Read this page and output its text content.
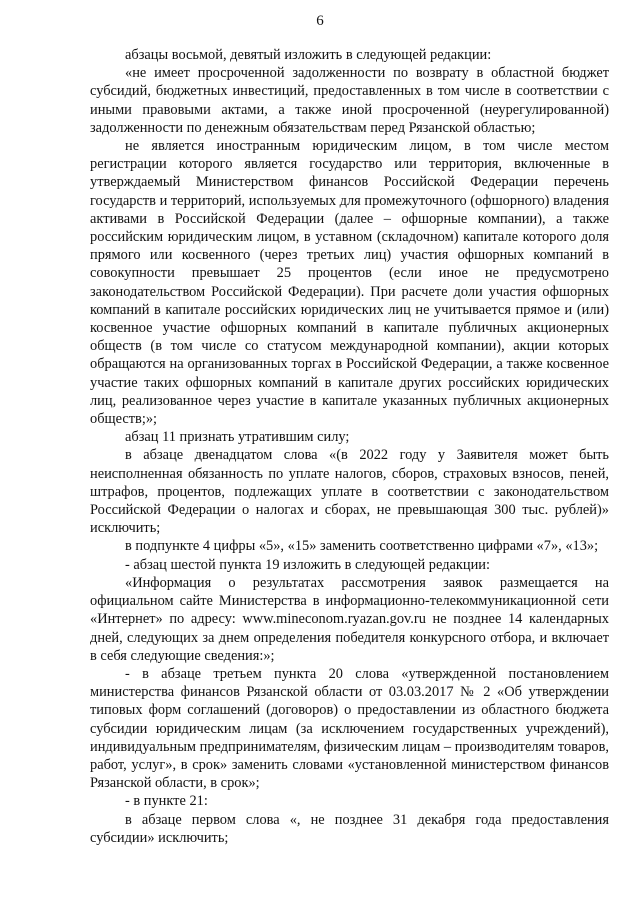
6

абзацы восьмой, девятый изложить в следующей редакции:

«не имеет просроченной задолженности по возврату в областной бюджет субсидий, бюджетных инвестиций, предоставленных в том числе в соответствии с иными правовыми актами, а также иной просроченной (неурегулированной) задолженности по денежным обязательствам перед Рязанской областью;

не является иностранным юридическим лицом, в том числе местом регистрации которого является государство или территория, включенные в утверждаемый Министерством финансов Российской Федерации перечень государств и территорий, используемых для промежуточного (офшорного) владения активами в Российской Федерации (далее – офшорные компании), а также российским юридическим лицом, в уставном (складочном) капитале которого доля прямого или косвенного (через третьих лиц) участия офшорных компаний в совокупности превышает 25 процентов (если иное не предусмотрено законодательством Российской Федерации). При расчете доли участия офшорных компаний в капитале российских юридических лиц не учитывается прямое и (или) косвенное участие офшорных компаний в капитале публичных акционерных обществ (в том числе со статусом международной компании), акции которых обращаются на организованных торгах в Российской Федерации, а также косвенное участие таких офшорных компаний в капитале других российских юридических лиц, реализованное через участие в капитале указанных публичных акционерных обществ;»;

абзац 11 признать утратившим силу;

в абзаце двенадцатом слова «(в 2022 году у Заявителя может быть неисполненная обязанность по уплате налогов, сборов, страховых взносов, пеней, штрафов, процентов, подлежащих уплате в соответствии с законодательством Российской Федерации о налогах и сборах, не превышающая 300 тыс. рублей)» исключить;

в подпункте 4 цифры «5», «15» заменить соответственно цифрами «7», «13»;

- абзац шестой пункта 19 изложить в следующей редакции:

«Информация о результатах рассмотрения заявок размещается на официальном сайте Министерства в информационно-телекоммуникационной сети «Интернет» по адресу: www.mineconom.ryazan.gov.ru не позднее 14 календарных дней, следующих за днем определения победителя конкурсного отбора, и включает в себя следующие сведения:»;

- в абзаце третьем пункта 20 слова «утвержденной постановлением министерства финансов Рязанской области от 03.03.2017 № 2 «Об утверждении типовых форм соглашений (договоров) о предоставлении из областного бюджета субсидии юридическим лицам (за исключением государственных учреждений), индивидуальным предпринимателям, физическим лицам – производителям товаров, работ, услуг», в срок» заменить словами «установленной министерством финансов Рязанской области, в срок»;

- в пункте 21:

в абзаце первом слова «, не позднее 31 декабря года предоставления субсидии» исключить;
